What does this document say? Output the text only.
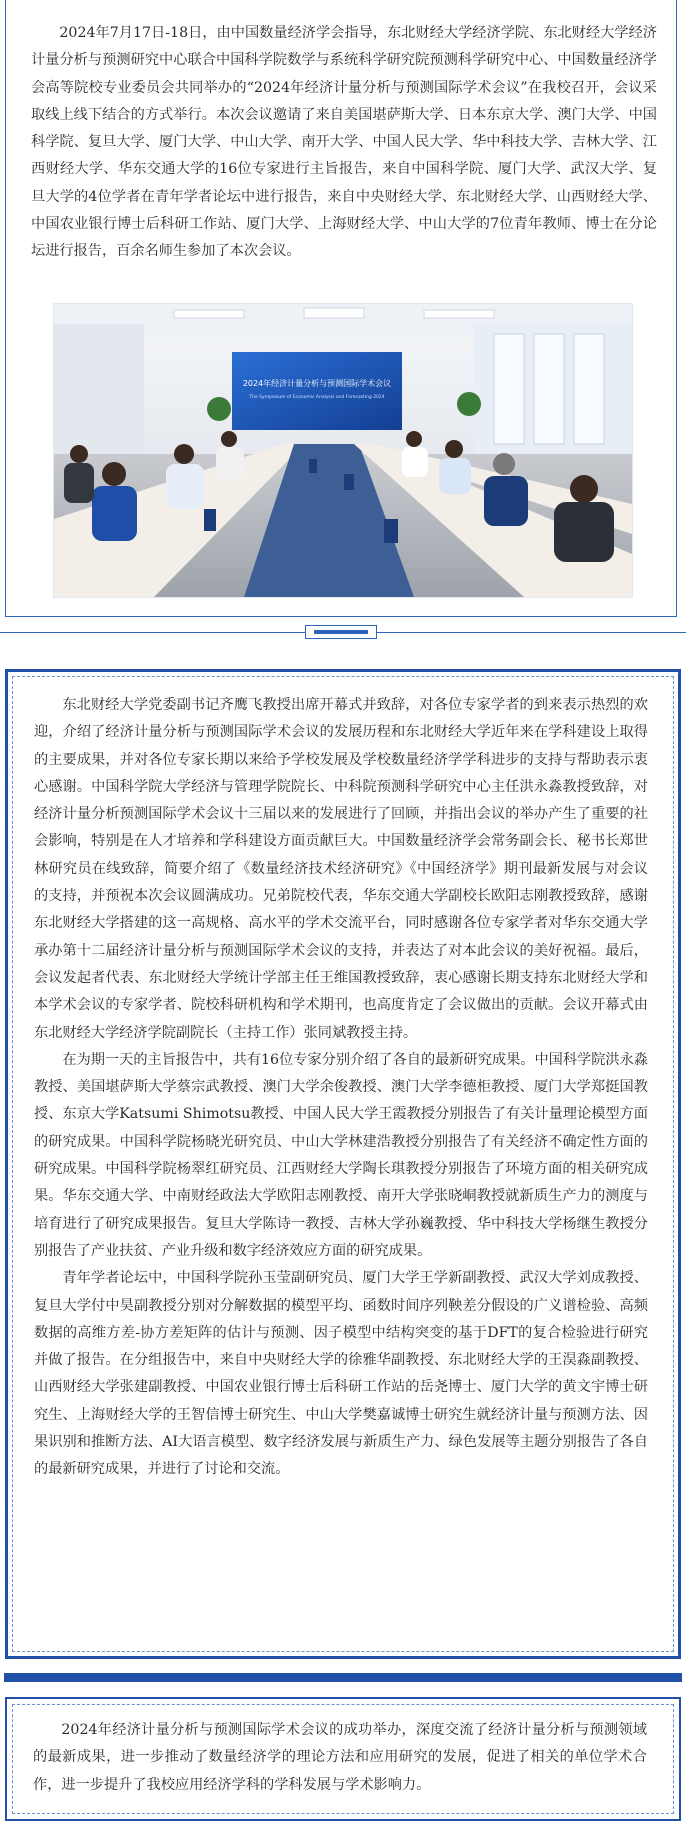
2024年7月17日-18日，由中国数量经济学会指导，东北财经大学经济学院、东北财经大学经济计量分析与预测研究中心联合中国科学院数学与系统科学研究院预测科学研究中心、中国数量经济学会高等院校专业委员会共同举办的“2024年经济计量分析与预测国际学术会议”在我校召开，会议采取线上线下结合的方式举行。本次会议邀请了来自美国堪萨斯大学、日本东京大学、澳门大学、中国科学院、复旦大学、厦门大学、中山大学、南开大学、中国人民大学、华中科技大学、吉林大学、江西财经大学、华东交通大学的16位专家进行主旨报告，来自中国科学院、厦门大学、武汉大学、复旦大学的4位学者在青年学者论坛中进行报告，来自中央财经大学、东北财经大学、山西财经大学、中国农业银行博士后科研工作站、厦门大学、上海财经大学、中山大学的7位青年教师、博士在分论坛进行报告，百余名师生参加了本次会议。

2024年经济计量分析与预测国际学术会议
The Symposium of Economic Analysis and Forecasting 2024

东北财经大学党委副书记齐鹰飞教授出席开幕式并致辞，对各位专家学者的到来表示热烈的欢迎，介绍了经济计量分析与预测国际学术会议的发展历程和东北财经大学近年来在学科建设上取得的主要成果，并对各位专家长期以来给予学校发展及学校数量经济学学科进步的支持与帮助表示衷心感谢。中国科学院大学经济与管理学院院长、中科院预测科学研究中心主任洪永淼教授致辞，对经济计量分析预测国际学术会议十三届以来的发展进行了回顾，并指出会议的举办产生了重要的社会影响，特别是在人才培养和学科建设方面贡献巨大。中国数量经济学会常务副会长、秘书长郑世林研究员在线致辞，简要介绍了《数量经济技术经济研究》《中国经济学》期刊最新发展与对会议的支持，并预祝本次会议圆满成功。兄弟院校代表，华东交通大学副校长欧阳志刚教授致辞，感谢东北财经大学搭建的这一高规格、高水平的学术交流平台，同时感谢各位专家学者对华东交通大学承办第十二届经济计量分析与预测国际学术会议的支持，并表达了对本此会议的美好祝福。最后，会议发起者代表、东北财经大学统计学部主任王维国教授致辞，衷心感谢长期支持东北财经大学和本学术会议的专家学者、院校科研机构和学术期刊，也高度肯定了会议做出的贡献。会议开幕式由东北财经大学经济学院副院长（主持工作）张同斌教授主持。

在为期一天的主旨报告中，共有16位专家分别介绍了各自的最新研究成果。中国科学院洪永淼教授、美国堪萨斯大学蔡宗武教授、澳门大学余俊教授、澳门大学李德柜教授、厦门大学郑挺国教授、东京大学Katsumi Shimotsu教授、中国人民大学王霞教授分别报告了有关计量理论模型方面的研究成果。中国科学院杨晓光研究员、中山大学林建浩教授分别报告了有关经济不确定性方面的研究成果。中国科学院杨翠红研究员、江西财经大学陶长琪教授分别报告了环境方面的相关研究成果。华东交通大学、中南财经政法大学欧阳志刚教授、南开大学张晓峒教授就新质生产力的测度与培育进行了研究成果报告。复旦大学陈诗一教授、吉林大学孙巍教授、华中科技大学杨继生教授分别报告了产业扶贫、产业升级和数字经济效应方面的研究成果。

青年学者论坛中，中国科学院孙玉莹副研究员、厦门大学王学新副教授、武汉大学刘成教授、复旦大学付中昊副教授分别对分解数据的模型平均、函数时间序列鞅差分假设的广义谱检验、高频数据的高维方差-协方差矩阵的估计与预测、因子模型中结构突变的基于DFT的复合检验进行研究并做了报告。在分组报告中，来自中央财经大学的徐雅华副教授、东北财经大学的王淏淼副教授、山西财经大学张建副教授、中国农业银行博士后科研工作站的岳尧博士、厦门大学的黄文宇博士研究生、上海财经大学的王智信博士研究生、中山大学樊嘉诚博士研究生就经济计量与预测方法、因果识别和推断方法、AI大语言模型、数字经济发展与新质生产力、绿色发展等主题分别报告了各自的最新研究成果，并进行了讨论和交流。

2024年经济计量分析与预测国际学术会议的成功举办，深度交流了经济计量分析与预测领域的最新成果，进一步推动了数量经济学的理论方法和应用研究的发展，促进了相关的单位学术合作，进一步提升了我校应用经济学科的学科发展与学术影响力。
